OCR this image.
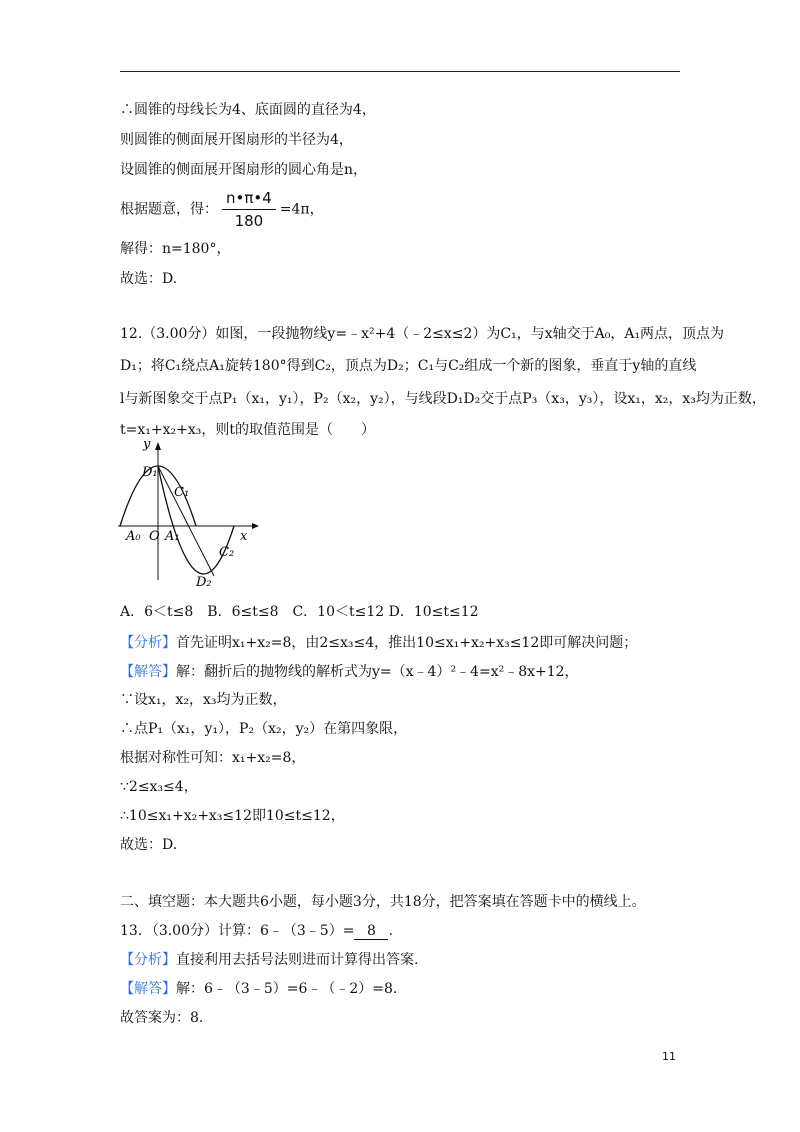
∴圆锥的母线长为4、底面圆的直径为4，
则圆锥的侧面展开图扇形的半径为4，
设圆锥的侧面展开图扇形的圆心角是n，
根据题意，得： $\frac{n•\pi•4}{180} =4\pi$，
解得：n=180°，
故选：D.
12.（3.00分）如图，一段抛物线y=﹣x²+4（﹣2≤x≤2）为C₁，与x轴交于A₀，A₁两点，顶点为
D₁；将C₁绕点A₁旋转180°得到C₂，顶点为D₂；C₁与C₂组成一个新的图象，垂直于y轴的直线
l与新图象交于点P₁（x₁，y₁），P₂（x₂，y₂），与线段D₁D₂交于点P₃（x₃，y₃），设x₁，x₂，x₃均为正数，
t=x₁+x₂+x₃，则t的取值范围是（　　）
y
x
D₁
C₁
A₀ O A₁
C₂
D₂
A．6＜t≤8　B．6≤t≤8　C．10＜t≤12 D．10≤t≤12
【分析】首先证明x₁+x₂=8，由2≤x₃≤4，推出10≤x₁+x₂+x₃≤12即可解决问题；
【解答】解：翻折后的抛物线的解析式为y=（x﹣4）²﹣4=x²﹣8x+12，
∵设x₁，x₂，x₃均为正数，
∴点P₁（x₁，y₁），P₂（x₂，y₂）在第四象限，
根据对称性可知：x₁+x₂=8，
∵2≤x₃≤4，
∴10≤x₁+x₂+x₃≤12即10≤t≤12，
故选：D.
二、填空题：本大题共6小题，每小题3分，共18分，把答案填在答题卡中的横线上。
13．（3.00分）计算：6﹣（3﹣5）= 8 .
【分析】直接利用去括号法则进而计算得出答案.
【解答】解：6﹣（3﹣5）=6﹣（﹣2）=8.
故答案为：8.
11
